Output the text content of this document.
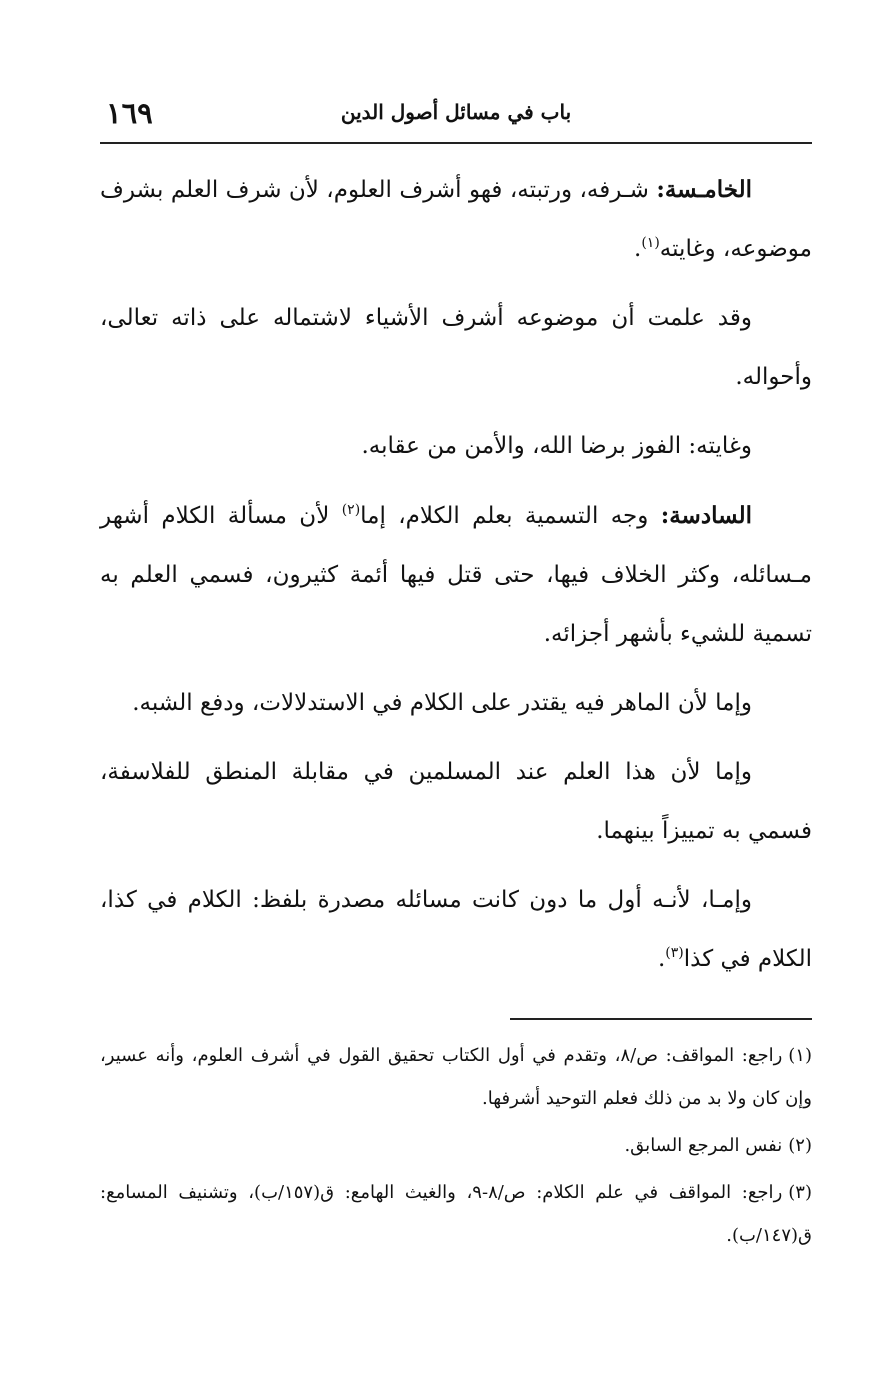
١٦٩	باب في مسائل أصول الدين

الخامـسة: شـرفه، ورتبته، فهو أشرف العلوم، لأن شرف العلم بشرف موضوعه، وغايته$^{(١)}$.

وقد علمت أن موضوعه أشرف الأشياء لاشتماله على ذاته تعالى، وأحواله.

وغايته: الفوز برضا الله، والأمن من عقابه.

السادسة: وجه التسمية بعلم الكلام، إما$^{(٢)}$ لأن مسألة الكلام أشهر مـسائله، وكثر الخلاف فيها، حتى قتل فيها أئمة كثيرون، فسمي العلم به تسمية للشيء بأشهر أجزائه.

وإما لأن الماهر فيه يقتدر على الكلام في الاستدلالات، ودفع الشبه.

وإما لأن هذا العلم عند المسلمين في مقابلة المنطق للفلاسفة، فسمي به تمييزاً بينهما.

وإمـا، لأنـه أول ما دون كانت مسائله مصدرة بلفظ: الكلام في كذا، الكلام في كذا$^{(٣)}$.

(١)راجع: المواقف: ص/٨، وتقدم في أول الكتاب تحقيق القول في أشرف العلوم، وأنه عسير، وإن كان ولا بد من ذلك فعلم التوحيد أشرفها.

(٢)نفس المرجع السابق.

(٣)راجع: المواقف في علم الكلام: ص/٨-٩، والغيث الهامع: ق(١٥٧/ب)، وتشنيف المسامع: ق(١٤٧/ب).
